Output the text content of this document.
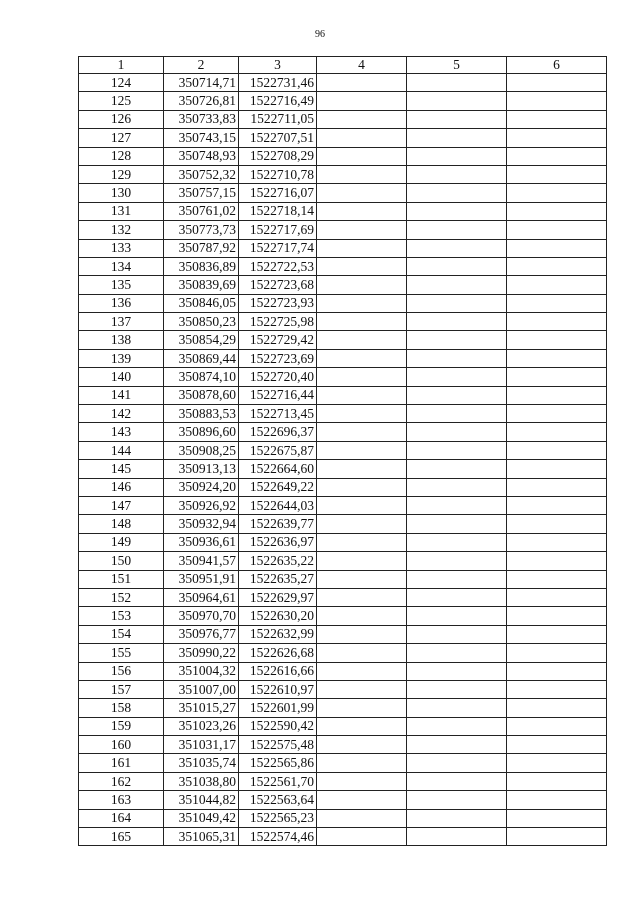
96
1	2	3	4	5	6
124	350714,71	1522731,46			
125	350726,81	1522716,49			
126	350733,83	1522711,05			
127	350743,15	1522707,51			
128	350748,93	1522708,29			
129	350752,32	1522710,78			
130	350757,15	1522716,07			
131	350761,02	1522718,14			
132	350773,73	1522717,69			
133	350787,92	1522717,74			
134	350836,89	1522722,53			
135	350839,69	1522723,68			
136	350846,05	1522723,93			
137	350850,23	1522725,98			
138	350854,29	1522729,42			
139	350869,44	1522723,69			
140	350874,10	1522720,40			
141	350878,60	1522716,44			
142	350883,53	1522713,45			
143	350896,60	1522696,37			
144	350908,25	1522675,87			
145	350913,13	1522664,60			
146	350924,20	1522649,22			
147	350926,92	1522644,03			
148	350932,94	1522639,77			
149	350936,61	1522636,97			
150	350941,57	1522635,22			
151	350951,91	1522635,27			
152	350964,61	1522629,97			
153	350970,70	1522630,20			
154	350976,77	1522632,99			
155	350990,22	1522626,68			
156	351004,32	1522616,66			
157	351007,00	1522610,97			
158	351015,27	1522601,99			
159	351023,26	1522590,42			
160	351031,17	1522575,48			
161	351035,74	1522565,86			
162	351038,80	1522561,70			
163	351044,82	1522563,64			
164	351049,42	1522565,23			
165	351065,31	1522574,46			
